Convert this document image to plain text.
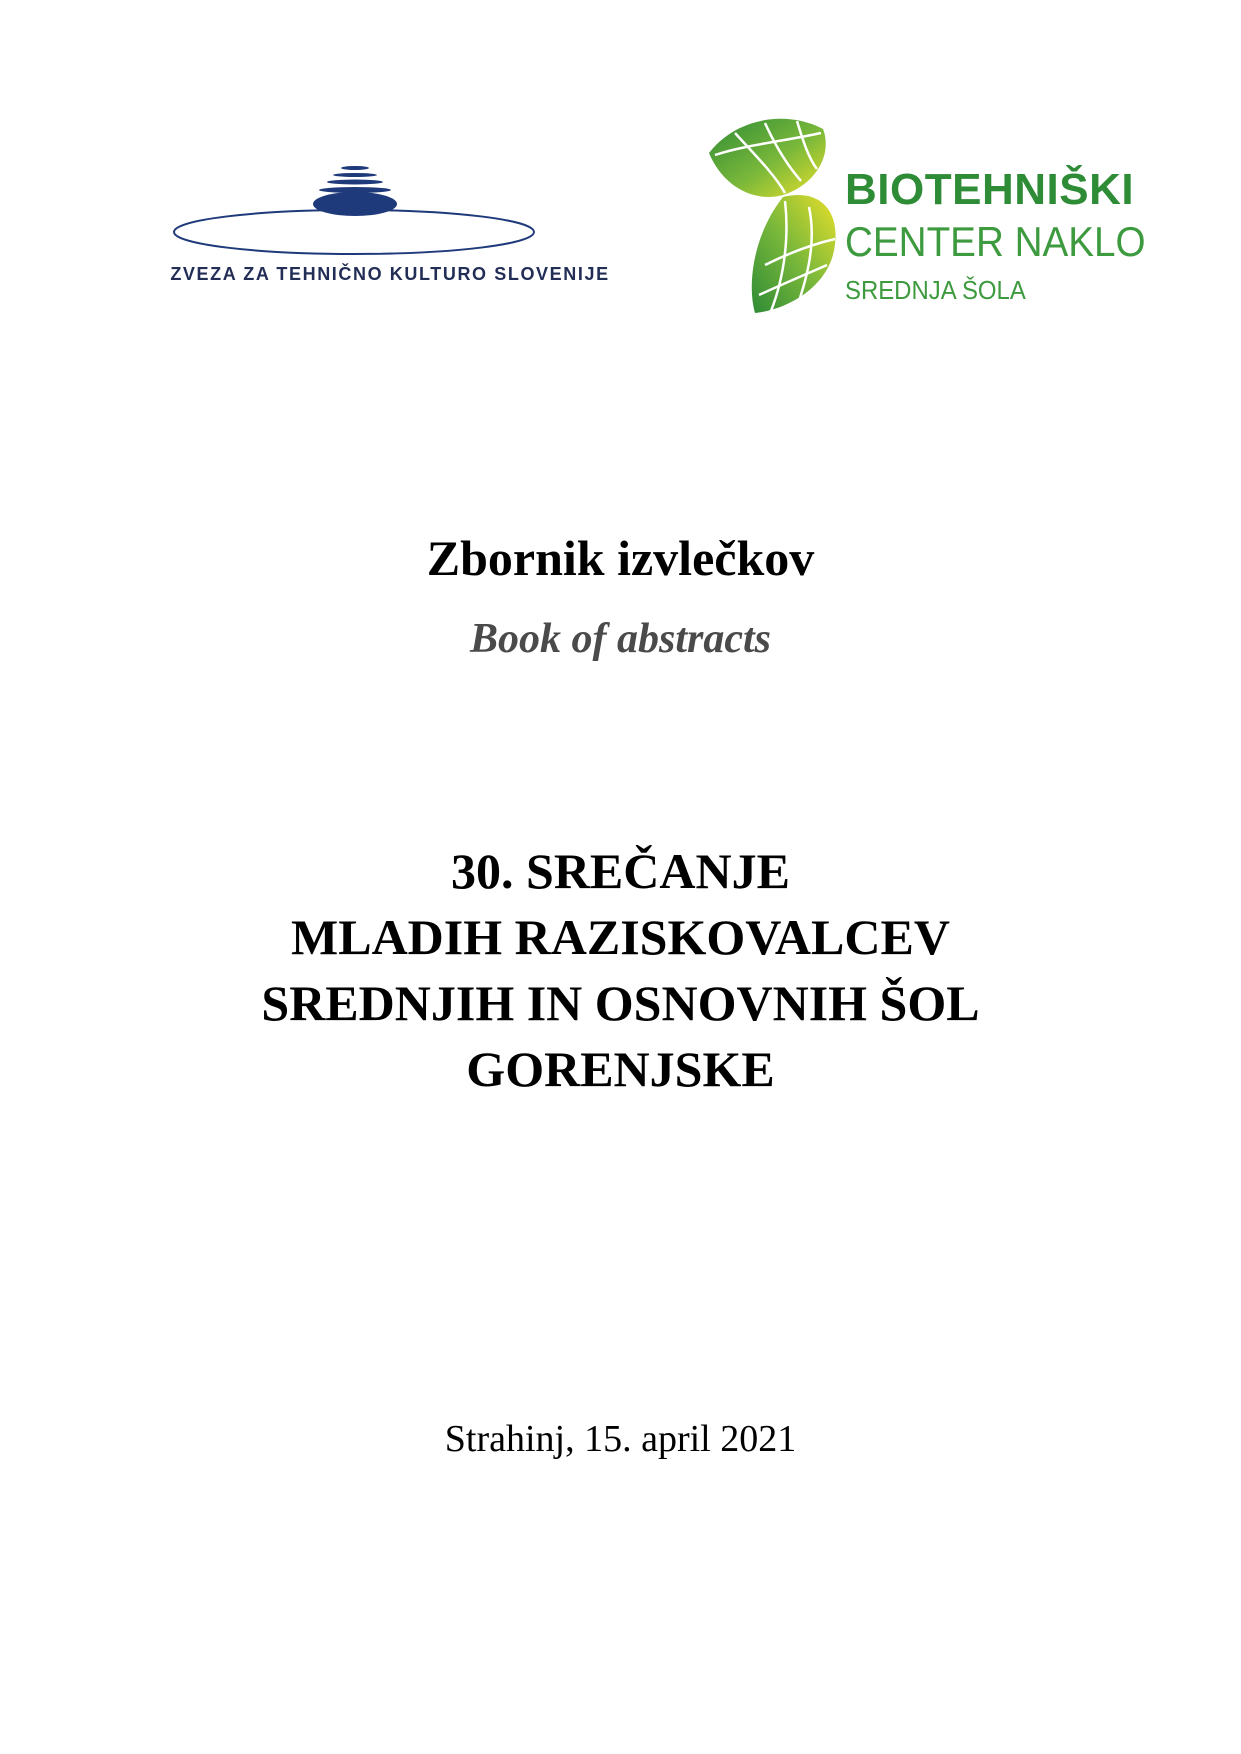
ZVEZA ZA TEHNIČNO KULTURO SLOVENIJE
BIOTEHNIŠKI
CENTER NAKLO
SREDNJA ŠOLA
Zbornik izvlečkov
Book of abstracts
30. SREČANJE
MLADIH RAZISKOVALCEV
SREDNJIH IN OSNOVNIH ŠOL
GORENJSKE
Strahinj, 15. april 2021
